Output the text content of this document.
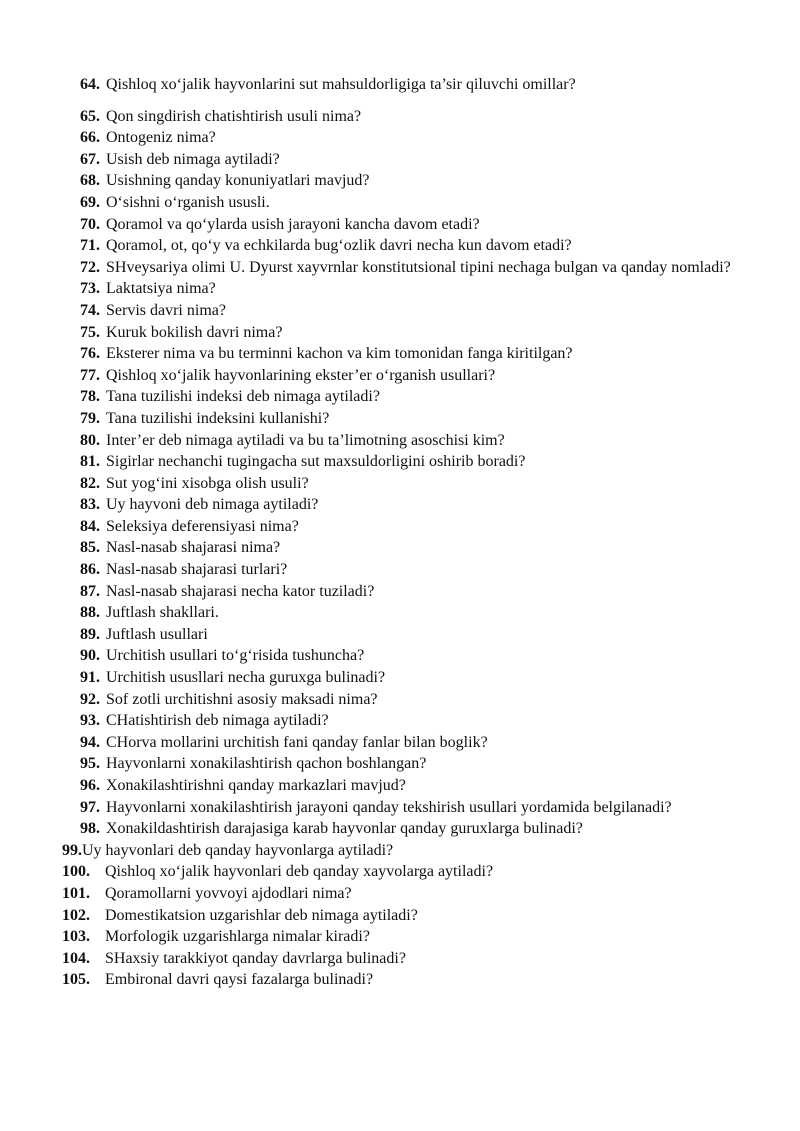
64. Qishloq xo‘jalik hayvonlarini sut mahsuldorligiga ta’sir qiluvchi omillar?
65. Qon singdirish chatishtirish usuli nima?
66. Ontogeniz nima?
67. Usish deb nimaga aytiladi?
68. Usishning qanday konuniyatlari mavjud?
69. O‘sishni o‘rganish ususli.
70. Qoramol va qo‘ylarda usish jarayoni kancha davom etadi?
71. Qoramol, ot, qo‘y va echkilarda bug‘ozlik davri necha kun davom etadi?
72. SHveysariya olimi U. Dyurst xayvrnlar konstitutsional tipini nechaga bulgan va qanday nomladi?
73. Laktatsiya nima?
74. Servis davri nima?
75. Kuruk bokilish davri nima?
76. Eksterer nima va bu terminni kachon va kim tomonidan fanga kiritilgan?
77. Qishloq xo‘jalik hayvonlarining ekster’er o‘rganish usullari?
78. Tana tuzilishi indeksi deb nimaga aytiladi?
79. Tana tuzilishi indeksini kullanishi?
80. Inter’er deb nimaga aytiladi va bu ta’limotning asoschisi kim?
81. Sigirlar nechanchi tugingacha sut maxsuldorligini oshirib boradi?
82. Sut yog‘ini xisobga olish usuli?
83. Uy hayvoni deb nimaga aytiladi?
84. Seleksiya deferensiyasi nima?
85. Nasl-nasab shajarasi nima?
86. Nasl-nasab shajarasi turlari?
87. Nasl-nasab shajarasi necha kator tuziladi?
88. Juftlash shakllari.
89. Juftlash usullari
90. Urchitish usullari to‘g‘risida tushuncha?
91. Urchitish ususllari necha guruxga bulinadi?
92. Sof zotli urchitishni asosiy maksadi nima?
93. CHatishtirish deb nimaga aytiladi?
94. CHorva mollarini urchitish fani qanday fanlar bilan boglik?
95. Hayvonlarni xonakilashtirish qachon boshlangan?
96. Xonakilashtirishni qanday markazlari mavjud?
97. Hayvonlarni xonakilashtirish jarayoni qanday tekshirish usullari yordamida belgilanadi?
98. Xonakildashtirish darajasiga karab hayvonlar qanday guruxlarga bulinadi?
99. Uy hayvonlari deb qanday hayvonlarga aytiladi?
100. Qishloq xo‘jalik hayvonlari deb qanday xayvolarga aytiladi?
101. Qoramollarni yovvoyi ajdodlari nima?
102. Domestikatsion uzgarishlar deb nimaga aytiladi?
103. Morfologik uzgarishlarga nimalar kiradi?
104. SHaxsiy tarakkiyot qanday davrlarga bulinadi?
105. Embironal davri qaysi fazalarga bulinadi?
